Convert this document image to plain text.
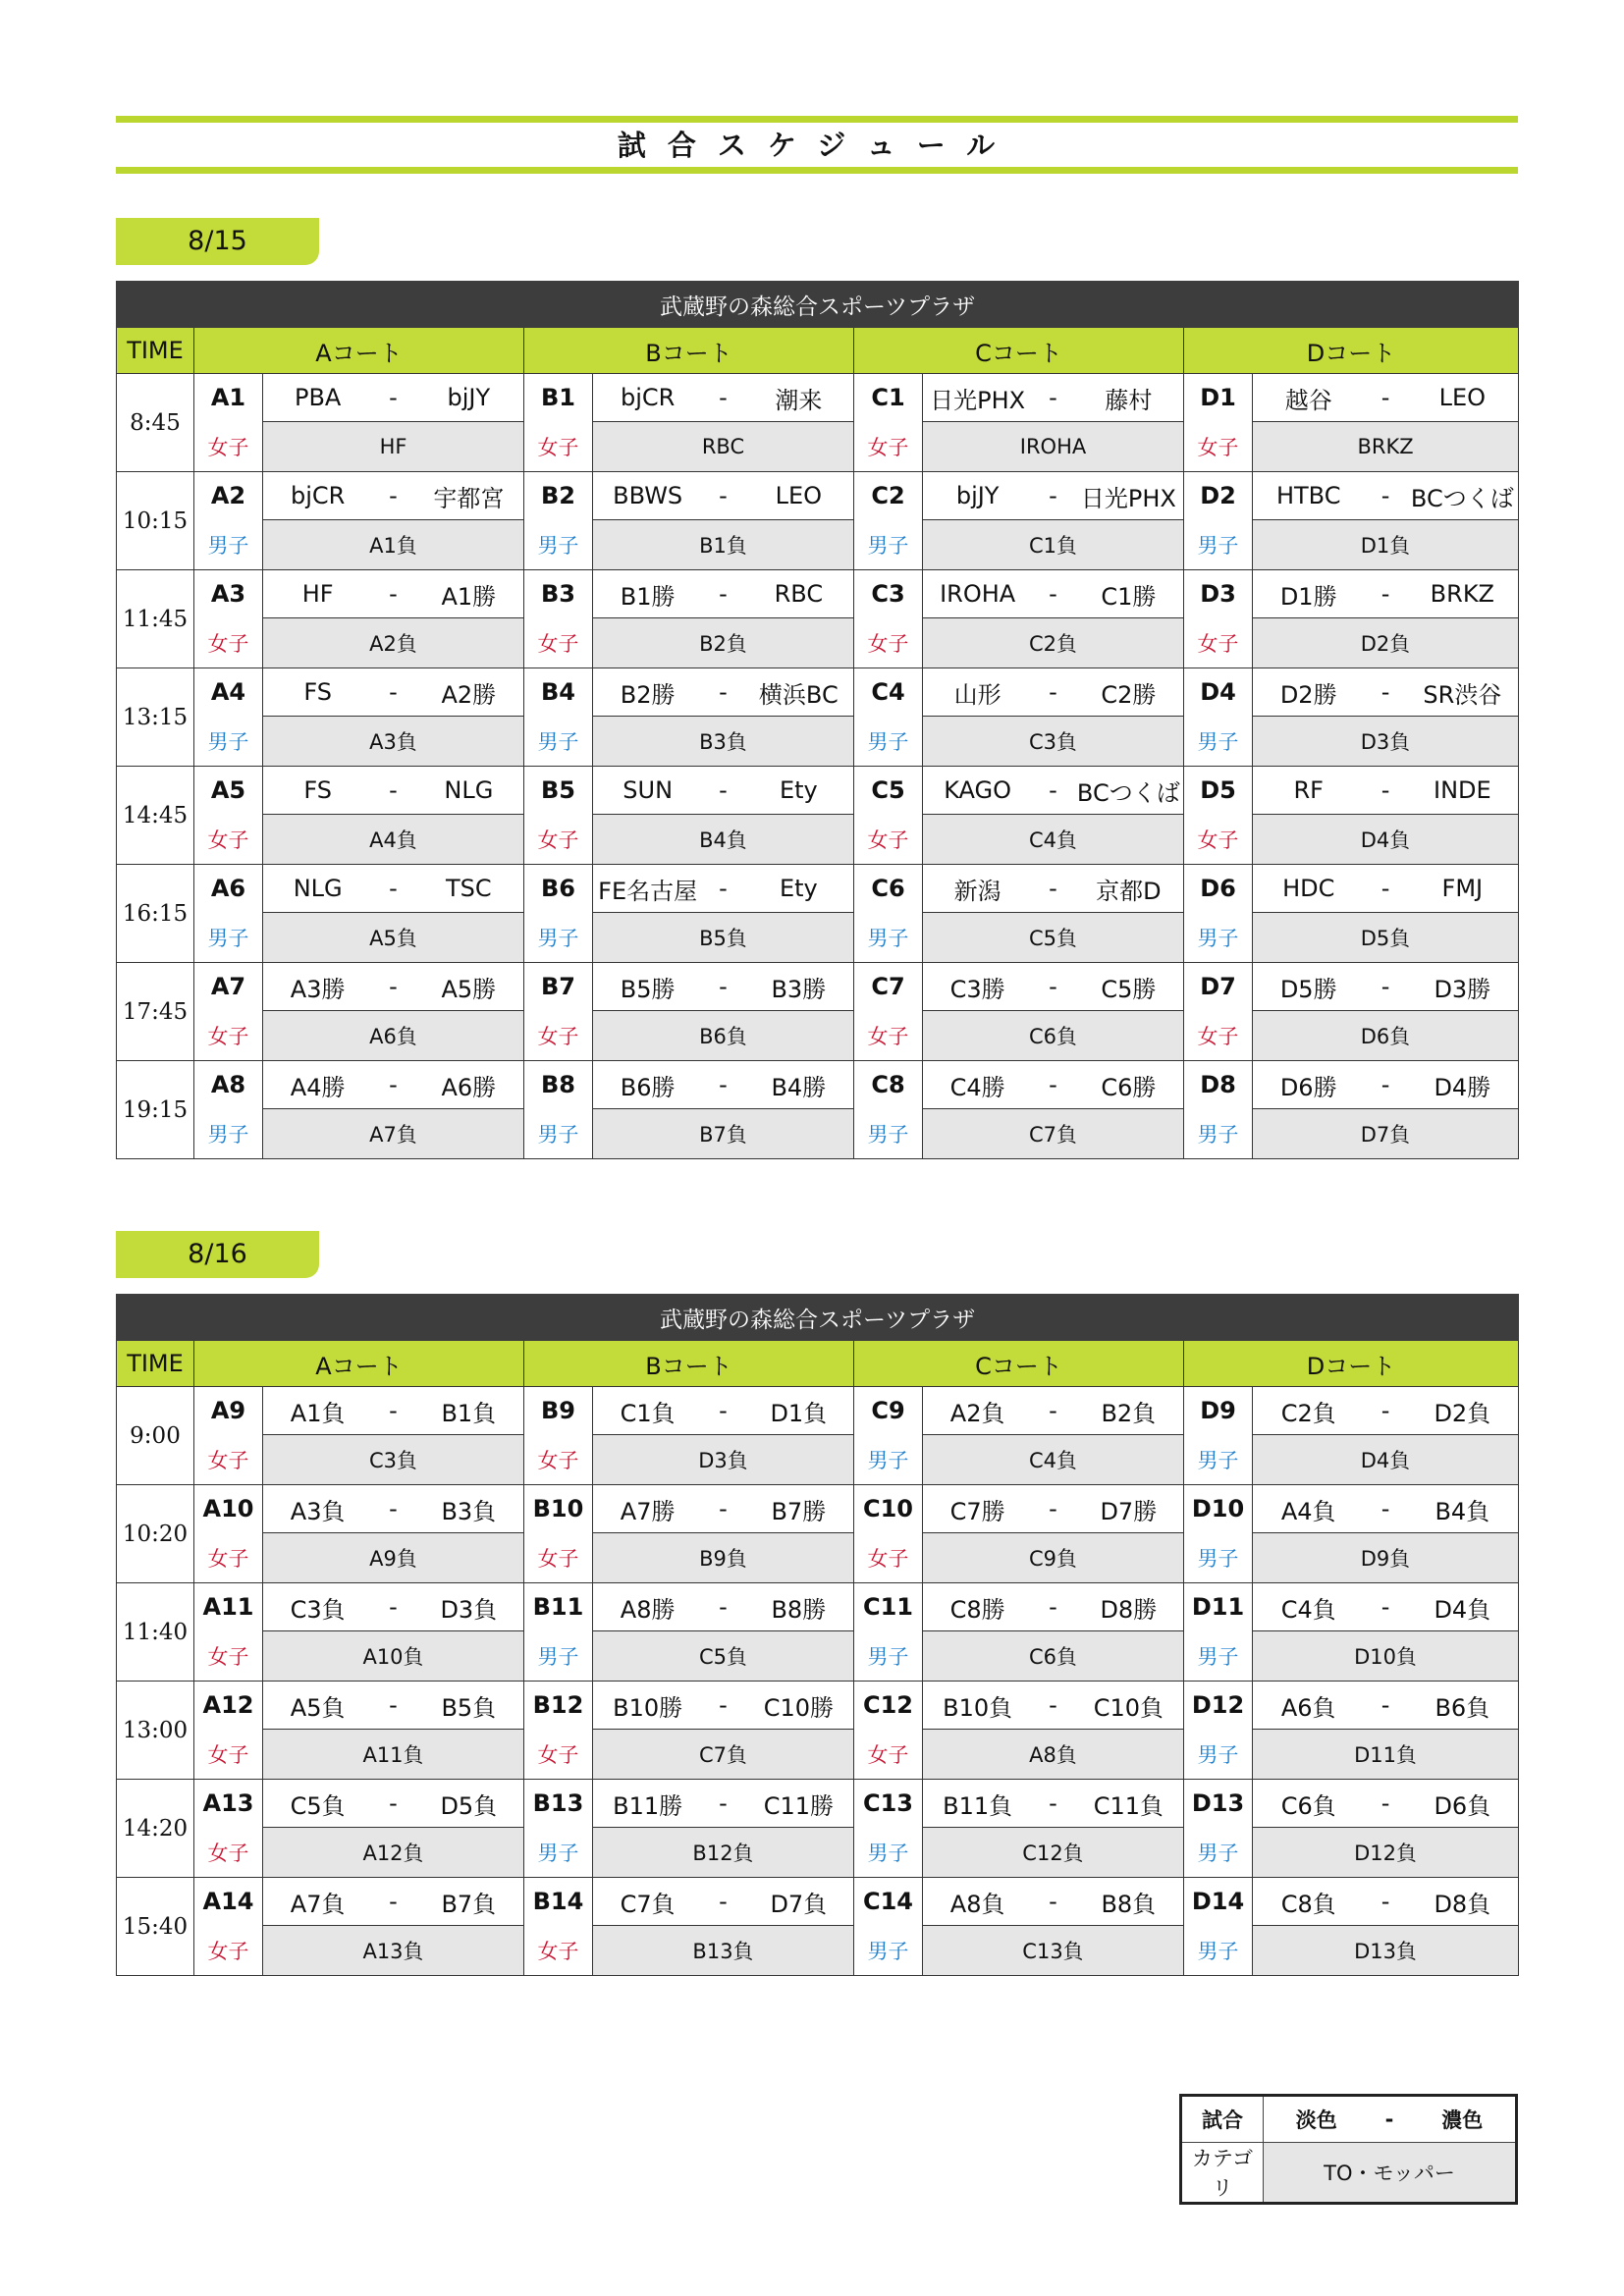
試合スケジュール
8/15
武蔵野の森総合スポーツプラザ								
TIME	Aコート		Bコート		Cコート		Dコート	
8:45	A1	PBA - bjJY	B1	bjCR - 潮来	C1	日光PHX - 藤村	D1	越谷 - LEO

	女子	HF	女子	RBC	女子	IROHA	女子	BRKZ
10:15	A2	bjCR - 宇都宮	B2	BBWS - LEO	C2	bjJY - 日光PHX	D2	HTBC - BCつくば

	男子	A1負	男子	B1負	男子	C1負	男子	D1負
11:45	A3	HF - A1勝	B3	B1勝 - RBC	C3	IROHA - C1勝	D3	D1勝 - BRKZ

	女子	A2負	女子	B2負	女子	C2負	女子	D2負
13:15	A4	FS - A2勝	B4	B2勝 - 横浜BC	C4	山形 - C2勝	D4	D2勝 - SR渋谷

	男子	A3負	男子	B3負	男子	C3負	男子	D3負
14:45	A5	FS - NLG	B5	SUN - Ety	C5	KAGO - BCつくば	D5	RF - INDE

	女子	A4負	女子	B4負	女子	C4負	女子	D4負
16:15	A6	NLG - TSC	B6	FE名古屋 - Ety	C6	新潟 - 京都D	D6	HDC - FMJ

	男子	A5負	男子	B5負	男子	C5負	男子	D5負
17:45	A7	A3勝 - A5勝	B7	B5勝 - B3勝	C7	C3勝 - C5勝	D7	D5勝 - D3勝

	女子	A6負	女子	B6負	女子	C6負	女子	D6負
19:15	A8	A4勝 - A6勝	B8	B6勝 - B4勝	C8	C4勝 - C6勝	D8	D6勝 - D4勝

	男子	A7負	男子	B7負	男子	C7負	男子	D7負
8/16
武蔵野の森総合スポーツプラザ								
TIME	Aコート		Bコート		Cコート		Dコート	
9:00	A9	A1負 - B1負	B9	C1負 - D1負	C9	A2負 - B2負	D9	C2負 - D2負

	女子	C3負	女子	D3負	男子	C4負	男子	D4負
10:20	A10	A3負 - B3負	B10	A7勝 - B7勝	C10	C7勝 - D7勝	D10	A4負 - B4負

	女子	A9負	女子	B9負	女子	C9負	男子	D9負
11:40	A11	C3負 - D3負	B11	A8勝 - B8勝	C11	C8勝 - D8勝	D11	C4負 - D4負

	女子	A10負	男子	C5負	男子	C6負	男子	D10負
13:00	A12	A5負 - B5負	B12	B10勝 - C10勝	C12	B10負 - C10負	D12	A6負 - B6負

	女子	A11負	女子	C7負	女子	A8負	男子	D11負
14:20	A13	C5負 - D5負	B13	B11勝 - C11勝	C13	B11負 - C11負	D13	C6負 - D6負

	女子	A12負	男子	B12負	男子	C12負	男子	D12負
15:40	A14	A7負 - B7負	B14	C7負 - D7負	C14	A8負 - B8負	D14	C8負 - D8負

	女子	A13負	女子	B13負	男子	C13負	男子	D13負
試合	淡色 - 濃色

カテゴリ	TO・モッパー
